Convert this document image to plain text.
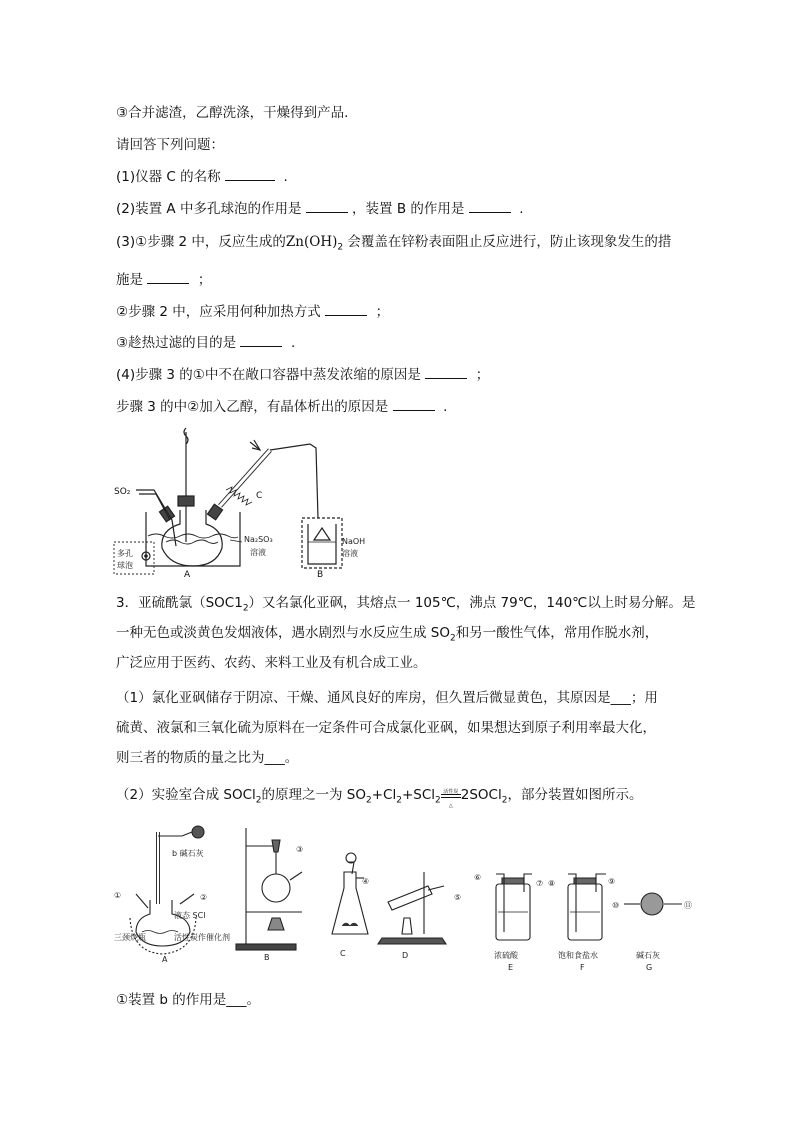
③合并滤渣，乙醇洗涤，干燥得到产品.
请回答下列问题：
(1)仪器 C 的名称	.
(2)装置 A 中多孔球泡的作用是	，装置 B 的作用是	.
(3)①步骤 2 中，反应生成的$Zn(OH)_2$ 会覆盖在锌粉表面阻止反应进行，防止该现象发生的措
施是	；
②步骤 2 中，应采用何种加热方式	；
③趁热过滤的目的是	.
(4)步骤 3 的①中不在敞口容器中蒸发浓缩的原因是	；
步骤 3 的中②加入乙醇，有晶体析出的原因是	.
SO₂	C
Na₂SO₃
溶液
NaOH
溶液
多孔
球泡
A	B
3．亚硫酰氯$(SOC1_2)$又名氯化亚砜，其熔点一 105℃，沸点 79℃，140℃以上时易分解。是
一种无色或淡黄色发烟液体，遇水剧烈与水反应生成 $SO_2$和另一酸性气体，常用作脱水剂，
广泛应用于医药、农药、来料工业及有机合成工业。
（1）氯化亚砜储存于阴凉、干燥、通风良好的库房，但久置后微显黄色，其原因是___；用
硫黄、液氯和三氧化硫为原料在一定条件可合成氯化亚砜，如果想达到原子利用率最大化，
则三者的物质的量之比为___。
（2）实验室合成 SOCl$_2$的原理之一为 $SO_2+Cl_2+SCl_2$
活性炭
△
2SOCl$_2$，部分装置如图所示。
①	②
③
④
⑤
⑥
⑦ ⑧	⑨
⑩	⑪
b 碱石灰
液态 SCl
三颈烧瓶	活性炭作催化剂
浓硫酸	饱和食盐水	碱石灰
A	B	C	D
E	F	G
①装置 b 的作用是___。
